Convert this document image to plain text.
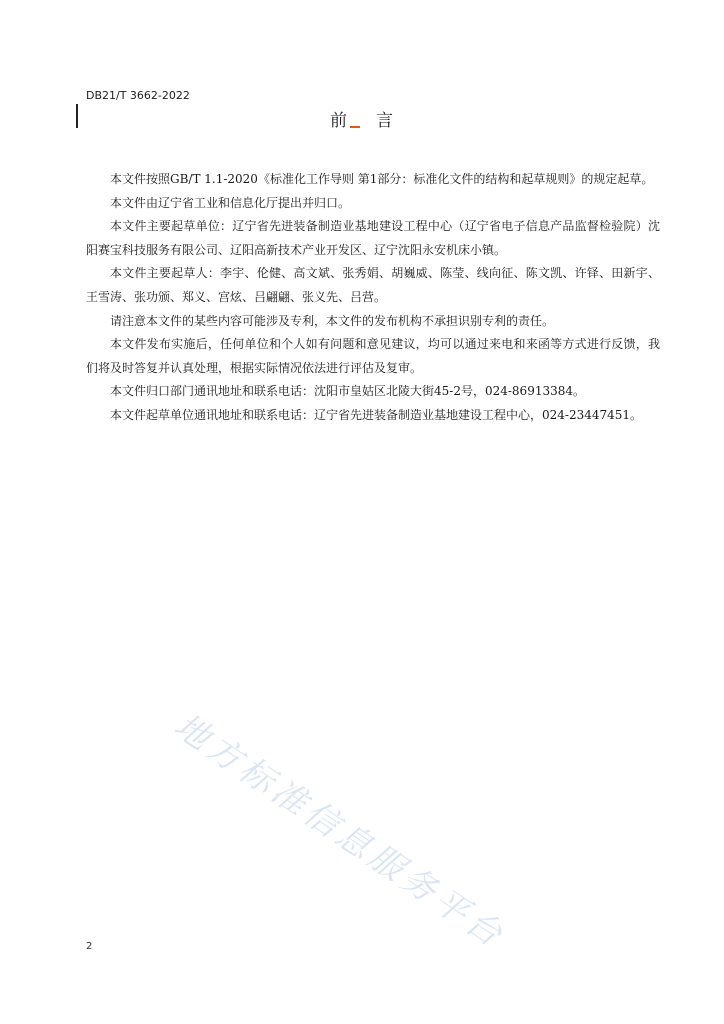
DB21/T 3662-2022
前 言

本文件按照GB/T 1.1-2020《标准化工作导则 第1部分：标准化文件的结构和起草规则》的规定起草。

本文件由辽宁省工业和信息化厅提出并归口。

本文件主要起草单位：辽宁省先进装备制造业基地建设工程中心（辽宁省电子信息产品监督检验院）沈阳赛宝科技服务有限公司、辽阳高新技术产业开发区、辽宁沈阳永安机床小镇。

本文件主要起草人：李宇、伦健、高文斌、张秀娟、胡巍威、陈莹、线向征、陈文凯、许铎、田新宇、王雪涛、张功颁、郑义、宫炫、吕翩翩、张义先、吕营。

请注意本文件的某些内容可能涉及专利，本文件的发布机构不承担识别专利的责任。

本文件发布实施后，任何单位和个人如有问题和意见建议，均可以通过来电和来函等方式进行反馈，我们将及时答复并认真处理，根据实际情况依法进行评估及复审。

本文件归口部门通讯地址和联系电话：沈阳市皇姑区北陵大街45-2号，024-86913384。

本文件起草单位通讯地址和联系电话：辽宁省先进装备制造业基地建设工程中心，024-23447451。

地方标准信息服务平台
2
